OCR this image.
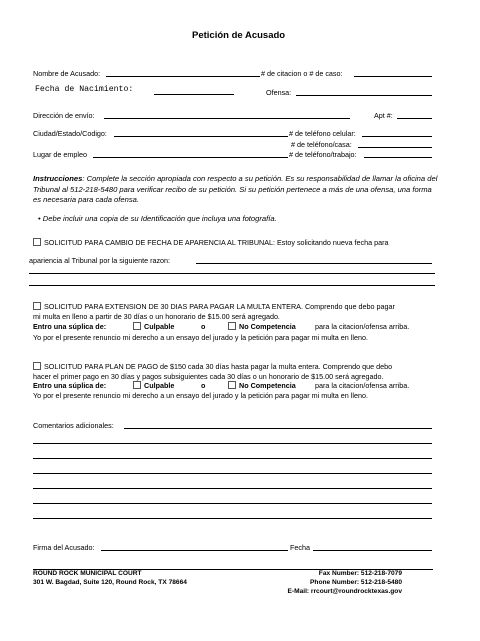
Petición de Acusado
Nombre de Acusado:	# de citacion o # de caso:
Fecha de Nacimiento:	Ofensa:
Dirección de envío:	Apt #:
Ciudad/Estado/Codigo:	# de teléfono celular:
# de teléfono/casa:
Lugar de empleo	# de teléfono/trabajo:
Instrucciones: Complete la sección apropiada con respecto a su petición. Es su responsabilidad de llamar la oficina del Tribunal al 512-218-5480 para verificar recibo de su petición. Si su petición pertenece a más de una ofensa, una forma es necesaria para cada ofensa.
• Debe incluir una copia de su Identificación que incluya una fotografía.
SOLICITUD PARA CAMBIO DE FECHA DE APARENCIA AL TRIBUNAL: Estoy solicitando nueva fecha para
apariencia al Tribunal por la siguiente razon:
SOLICITUD PARA EXTENSION DE 30 DIAS PARA PAGAR LA MULTA ENTERA. Comprendo que debo pagar
mi multa en lleno a partir de 30 días o un honorario de $15.00 será agregado.
Entro una súplica de:	Culpable	o	No Competencia	para la citacion/ofensa arriba.
Yo por el presente renuncio mi derecho a un ensayo del jurado y la petición para pagar mi multa en lleno.
SOLICITUD PARA PLAN DE PAGO de $150 cada 30 días hasta pagar la multa entera. Comprendo que debo
hacer el primer pago en 30 días y pagos subsiguientes cada 30 días o un honorario de $15.00 será agregado.
Entro una súplica de:	Culpable	o	No Competencia	para la citacion/ofensa arriba.
Yo por el presente renuncio mi derecho a un ensayo del jurado y la petición para pagar mi multa en lleno.
Comentarios adicionales:
Firma del Acusado:	Fecha
ROUND ROCK MUNICIPAL COURT
301 W. Bagdad, Suite 120, Round Rock, TX 78664
Fax Number: 512-218-7079
Phone Number: 512-218-5480
E-Mail: rrcourt@roundrocktexas.gov
